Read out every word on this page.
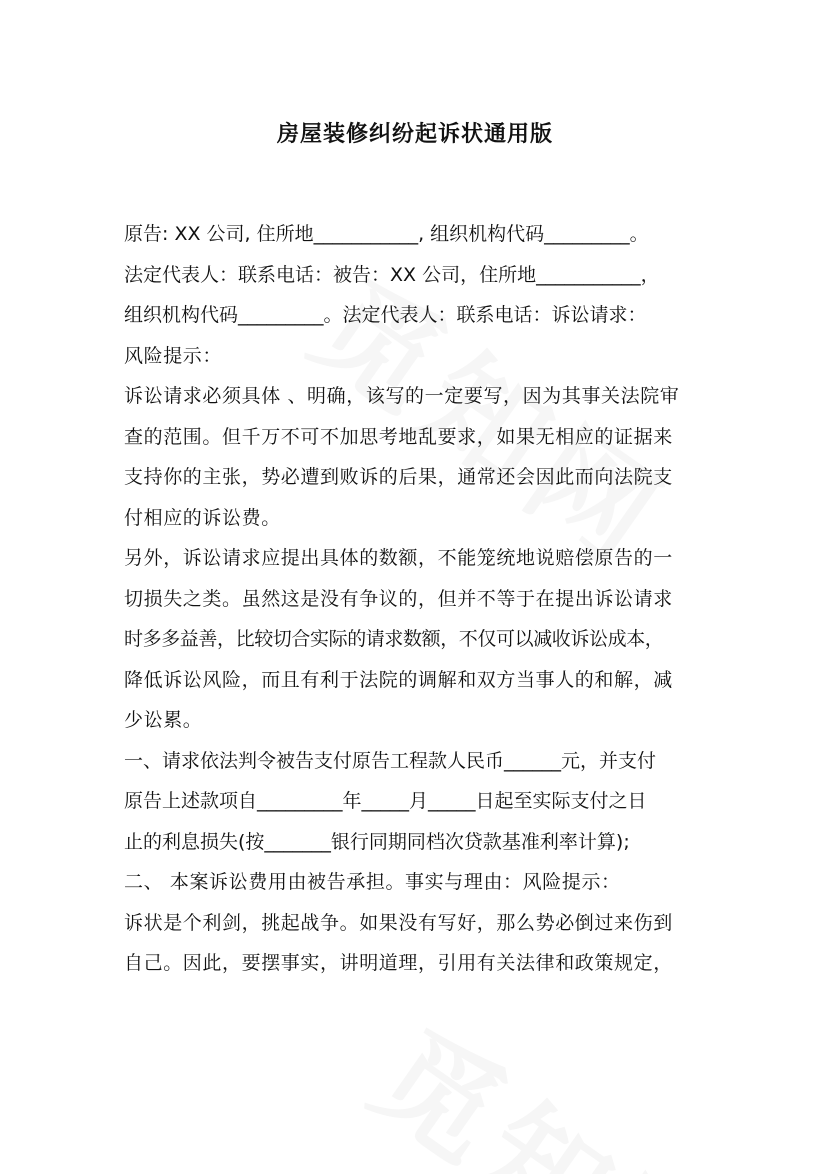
房屋装修纠纷起诉状通用版
原告: XX 公司, 住所地___________, 组织机构代码_________。
法定代表人：联系电话：被告：XX 公司，住所地___________，
组织机构代码_________。法定代表人：联系电话：诉讼请求：
风险提示：
诉讼请求必须具体 、明确，该写的一定要写，因为其事关法院审
查的范围。但千万不可不加思考地乱要求，如果无相应的证据来
支持你的主张，势必遭到败诉的后果，通常还会因此而向法院支
付相应的诉讼费。
另外，诉讼请求应提出具体的数额，不能笼统地说赔偿原告的一
切损失之类。虽然这是没有争议的，但并不等于在提出诉讼请求
时多多益善，比较切合实际的请求数额，不仅可以减收诉讼成本，
降低诉讼风险，而且有利于法院的调解和双方当事人的和解，减
少讼累。
一、请求依法判令被告支付原告工程款人民币______元，并支付
原告上述款项自_________年_____月_____日起至实际支付之日
止的利息损失(按_______银行同期同档次贷款基准利率计算);
二、 本案诉讼费用由被告承担。事实与理由：风险提示：
诉状是个利剑，挑起战争。如果没有写好，那么势必倒过来伤到
自己。因此，要摆事实，讲明道理，引用有关法律和政策规定，
